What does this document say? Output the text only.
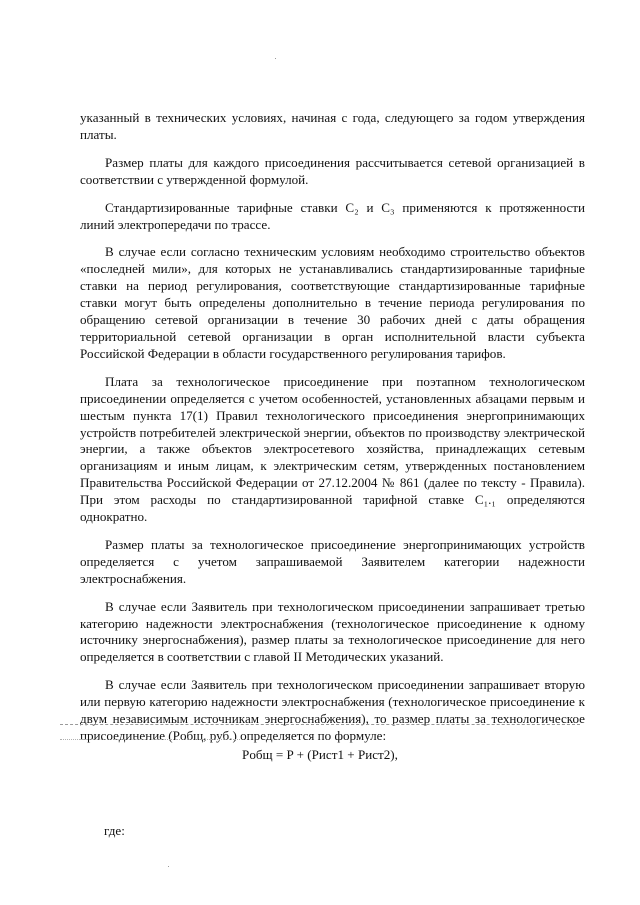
указанный в технических условиях, начиная с года, следующего за годом утверждения платы.

Размер платы для каждого присоединения рассчитывается сетевой организацией в соответствии с утвержденной формулой.

Стандартизированные тарифные ставки С₂ и С₃ применяются к протяженности линий электропередачи по трассе.

В случае если согласно техническим условиям необходимо строительство объектов «последней мили», для которых не устанавливались стандартизированные тарифные ставки на период регулирования, соответствующие стандартизированные тарифные ставки могут быть определены дополнительно в течение периода регулирования по обращению сетевой организации в течение 30 рабочих дней с даты обращения территориальной сетевой организации в орган исполнительной власти субъекта Российской Федерации в области государственного регулирования тарифов.

Плата за технологическое присоединение при поэтапном технологическом присоединении определяется с учетом особенностей, установленных абзацами первым и шестым пункта 17(1) Правил технологического присоединения энергопринимающих устройств потребителей электрической энергии, объектов по производству электрической энергии, а также объектов электросетевого хозяйства, принадлежащих сетевым организациям и иным лицам, к электрическим сетям, утвержденных постановлением Правительства Российской Федерации от 27.12.2004 № 861 (далее по тексту - Правила). При этом расходы по стандартизированной тарифной ставке С₁.₁ определяются однократно.

Размер платы за технологическое присоединение энергопринимающих устройств определяется с учетом запрашиваемой Заявителем категории надежности электроснабжения.

В случае если Заявитель при технологическом присоединении запрашивает третью категорию надежности электроснабжения (технологическое присоединение к одному источнику энергоснабжения), размер платы за технологическое присоединение для него определяется в соответствии с главой II Методических указаний.

В случае если Заявитель при технологическом присоединении запрашивает вторую или первую категорию надежности электроснабжения (технологическое присоединение к двум независимым источникам энергоснабжения), то размер платы за технологическое присоединение (Pобщ, руб.) определяется по формуле:

Pобщ = P + (Pист1 + Pист2),
где:
